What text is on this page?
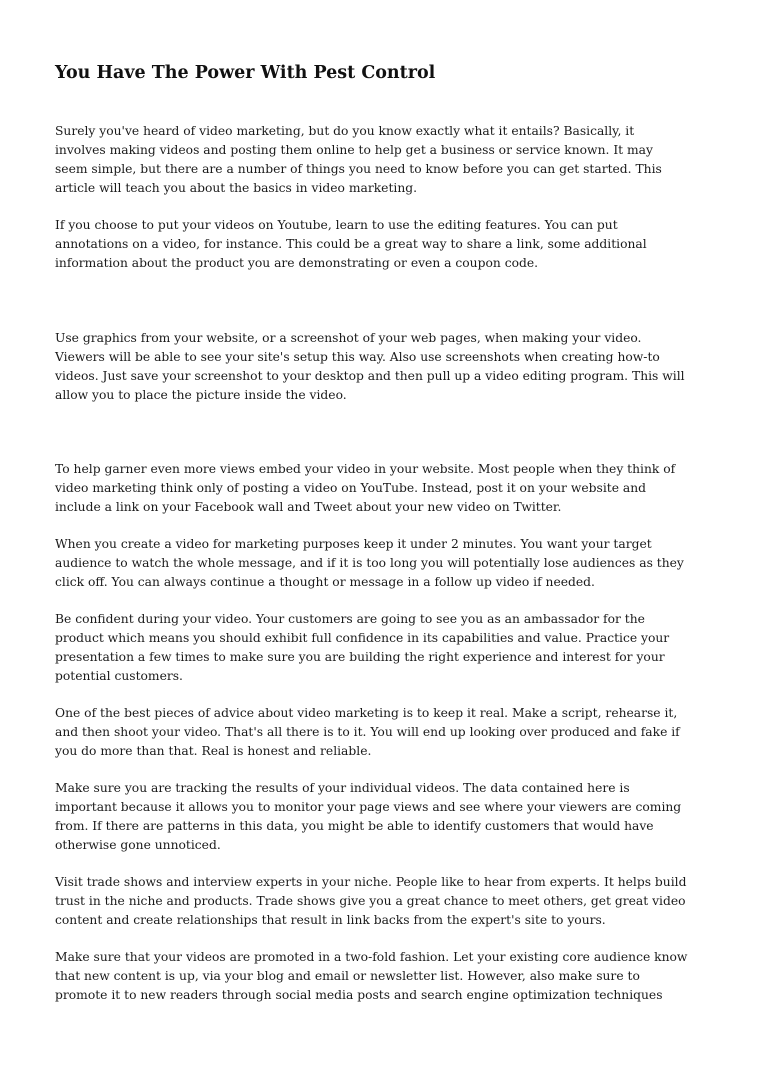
You Have The Power With Pest Control

Surely you've heard of video marketing, but do you know exactly what it entails? Basically, it
involves making videos and posting them online to help get a business or service known. It may
seem simple, but there are a number of things you need to know before you can get started. This
article will teach you about the basics in video marketing.

If you choose to put your videos on Youtube, learn to use the editing features. You can put
annotations on a video, for instance. This could be a great way to share a link, some additional
information about the product you are demonstrating or even a coupon code.

Use graphics from your website, or a screenshot of your web pages, when making your video.
Viewers will be able to see your site's setup this way. Also use screenshots when creating how-to
videos. Just save your screenshot to your desktop and then pull up a video editing program. This will
allow you to place the picture inside the video.

To help garner even more views embed your video in your website. Most people when they think of
video marketing think only of posting a video on YouTube. Instead, post it on your website and
include a link on your Facebook wall and Tweet about your new video on Twitter.

When you create a video for marketing purposes keep it under 2 minutes. You want your target
audience to watch the whole message, and if it is too long you will potentially lose audiences as they
click off. You can always continue a thought or message in a follow up video if needed.

Be confident during your video. Your customers are going to see you as an ambassador for the
product which means you should exhibit full confidence in its capabilities and value. Practice your
presentation a few times to make sure you are building the right experience and interest for your
potential customers.

One of the best pieces of advice about video marketing is to keep it real. Make a script, rehearse it,
and then shoot your video. That's all there is to it. You will end up looking over produced and fake if
you do more than that. Real is honest and reliable.

Make sure you are tracking the results of your individual videos. The data contained here is
important because it allows you to monitor your page views and see where your viewers are coming
from. If there are patterns in this data, you might be able to identify customers that would have
otherwise gone unnoticed.

Visit trade shows and interview experts in your niche. People like to hear from experts. It helps build
trust in the niche and products. Trade shows give you a great chance to meet others, get great video
content and create relationships that result in link backs from the expert's site to yours.

Make sure that your videos are promoted in a two-fold fashion. Let your existing core audience know
that new content is up, via your blog and email or newsletter list. However, also make sure to
promote it to new readers through social media posts and search engine optimization techniques
